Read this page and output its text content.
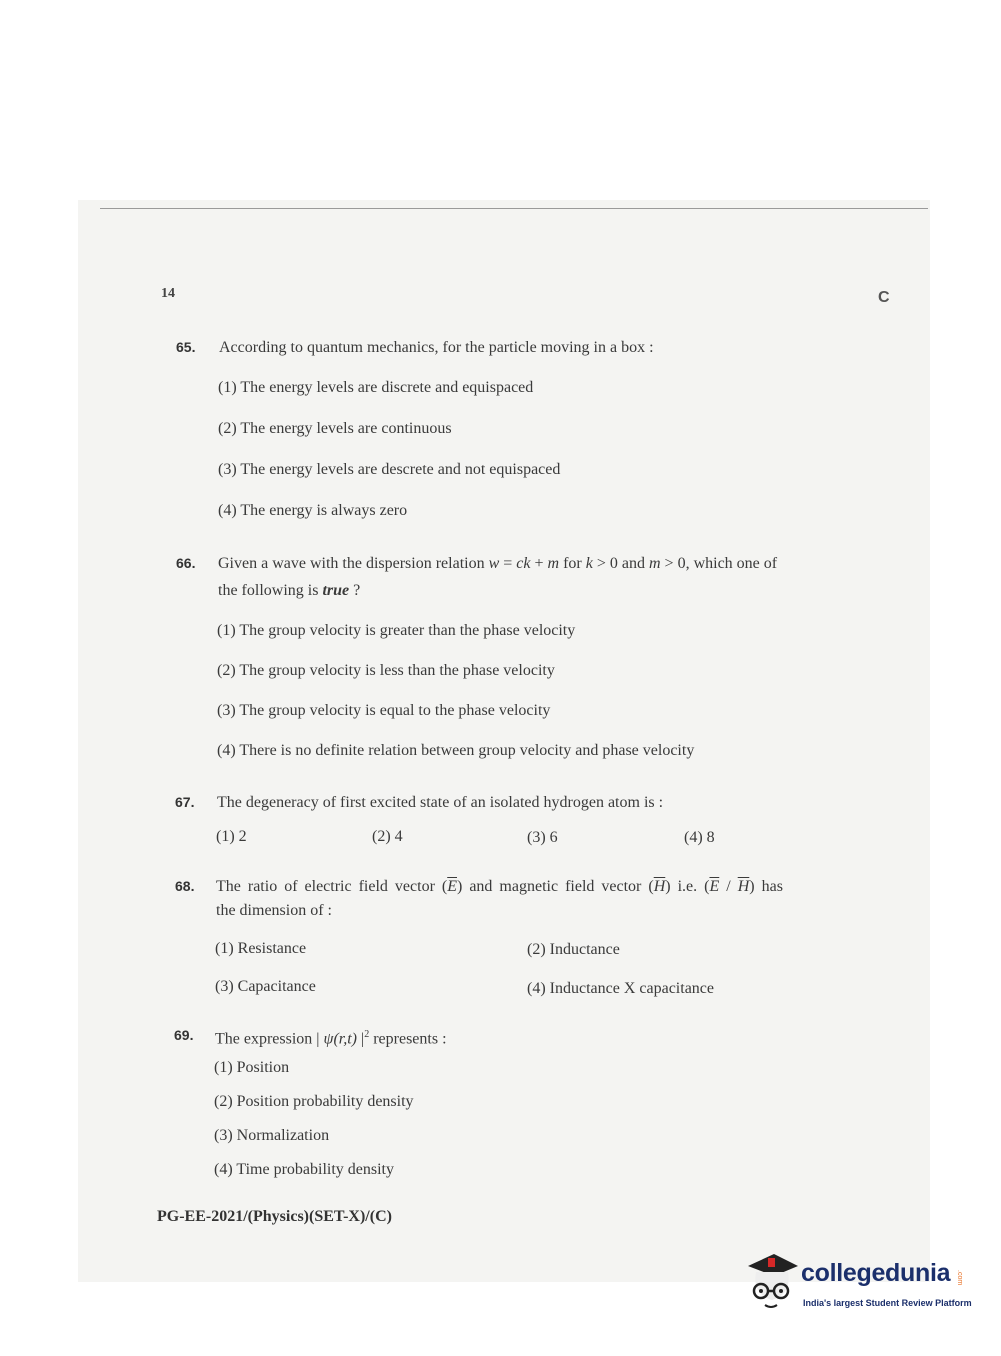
14	C
65. According to quantum mechanics, for the particle moving in a box :
(1) The energy levels are discrete and equispaced
(2) The energy levels are continuous
(3) The energy levels are descrete and not equispaced
(4) The energy is always zero
66. Given a wave with the dispersion relation w = ck + m for k > 0 and m > 0, which one of
the following is true ?
(1) The group velocity is greater than the phase velocity
(2) The group velocity is less than the phase velocity
(3) The group velocity is equal to the phase velocity
(4) There is no definite relation between group velocity and phase velocity
67. The degeneracy of first excited state of an isolated hydrogen atom is :
(1) 2	(2) 4	(3) 6	(4) 8
68. The ratio of electric field vector $(\overline{E})$ and magnetic field vector $(\overline{H})$ i.e. $(\overline{E} / \overline{H})$ has
the dimension of :
(1) Resistance	(2) Inductance
(3) Capacitance	(4) Inductance X capacitance
69. The expression | ψ(r,t) $|^2$ represents :
(1) Position
(2) Position probability density
(3) Normalization
(4) Time probability density
PG-EE-2021/(Physics)(SET-X)/(C)
collegedunia .com
India's largest Student Review Platform
